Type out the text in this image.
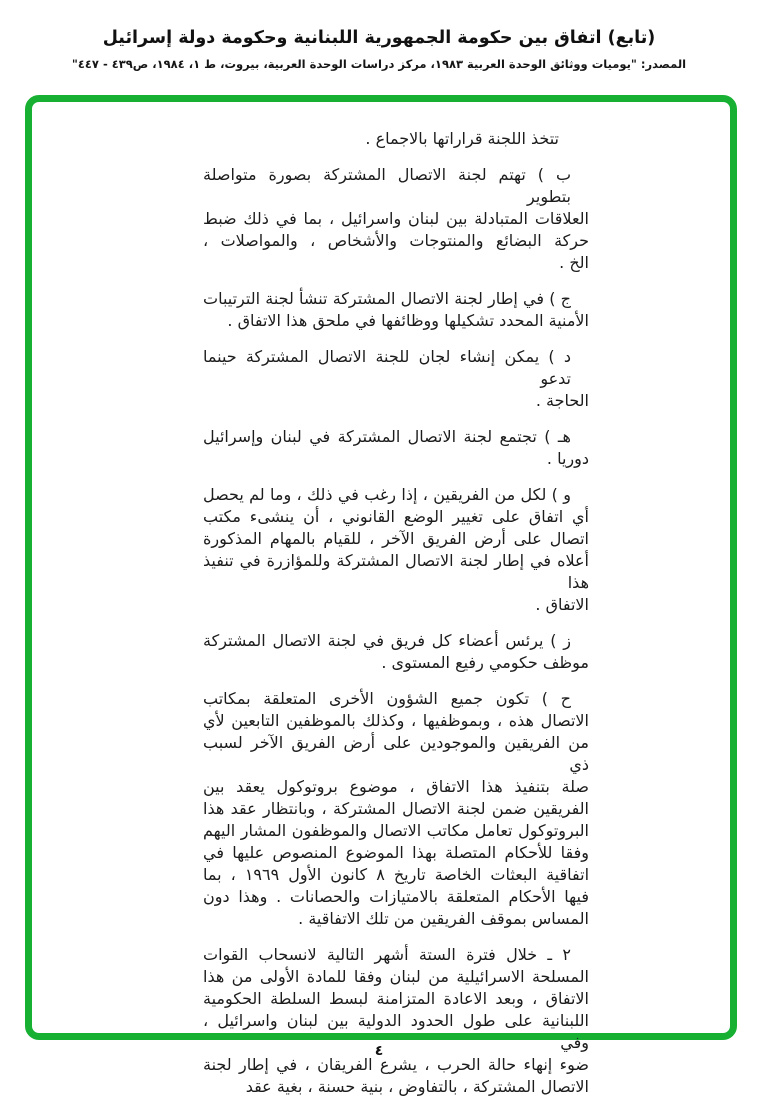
(تابع) اتفاق بين حكومة الجمهورية اللبنانية وحكومة دولة إسرائيل
المصدر: "يوميات ووثائق الوحدة العربية ١٩٨٣، مركز دراسات الوحدة العربية، بيروت، ط ١، ١٩٨٤، ص٤٣٩ - ٤٤٧"
تتخذ اللجنة قراراتها بالاجماع .
ب ) تهتم لجنة الاتصال المشتركة بصورة متواصلة بتطوير
العلاقات المتبادلة بين لبنان واسرائيل ، بما في ذلك ضبط
حركة البضائع والمنتوجات والأشخاص ، والمواصلات ،
الخ .
ج ) في إطار لجنة الاتصال المشتركة تنشأ لجنة الترتيبات
الأمنية المحدد تشكيلها ووظائفها في ملحق هذا الاتفاق .
د ) يمكن إنشاء لجان للجنة الاتصال المشتركة حينما تدعو
الحاجة .
هـ ) تجتمع لجنة الاتصال المشتركة في لبنان وإسرائيل
دوريا .
و ) لكل من الفريقين ، إذا رغب في ذلك ، وما لم يحصل
أي اتفاق على تغيير الوضع القانوني ، أن ينشىء مكتب
اتصال على أرض الفريق الآخر ، للقيام بالمهام المذكورة
أعلاه في إطار لجنة الاتصال المشتركة وللمؤازرة في تنفيذ هذا
الاتفاق .
ز ) يرئس أعضاء كل فريق في لجنة الاتصال المشتركة
موظف حكومي رفيع المستوى .
ح ) تكون جميع الشؤون الأخرى المتعلقة بمكاتب
الاتصال هذه ، وبموظفيها ، وكذلك بالموظفين التابعين لأي
من الفريقين والموجودين على أرض الفريق الآخر لسبب ذي
صلة بتنفيذ هذا الاتفاق ، موضوع بروتوكول يعقد بين
الفريقين ضمن لجنة الاتصال المشتركة ، وبانتظار عقد هذا
البروتوكول تعامل مكاتب الاتصال والموظفون المشار اليهم
وفقا للأحكام المتصلة بهذا الموضوع المنصوص عليها في
اتفاقية البعثات الخاصة تاريخ ٨ كانون الأول ١٩٦٩ ، بما
فيها الأحكام المتعلقة بالامتيازات والحصانات . وهذا دون
المساس بموقف الفريقين من تلك الاتفاقية .
٢ ـ خلال فترة الستة أشهر التالية لانسحاب القوات
المسلحة الاسرائيلية من لبنان وفقا للمادة الأولى من هذا
الاتفاق ، وبعد الاعادة المتزامنة لبسط السلطة الحكومية
اللبنانية على طول الحدود الدولية بين لبنان واسرائيل ، وفي
ضوء إنهاء حالة الحرب ، يشرع الفريقان ، في إطار لجنة
الاتصال المشتركة ، بالتفاوض ، بنية حسنة ، بغية عقد
٤
